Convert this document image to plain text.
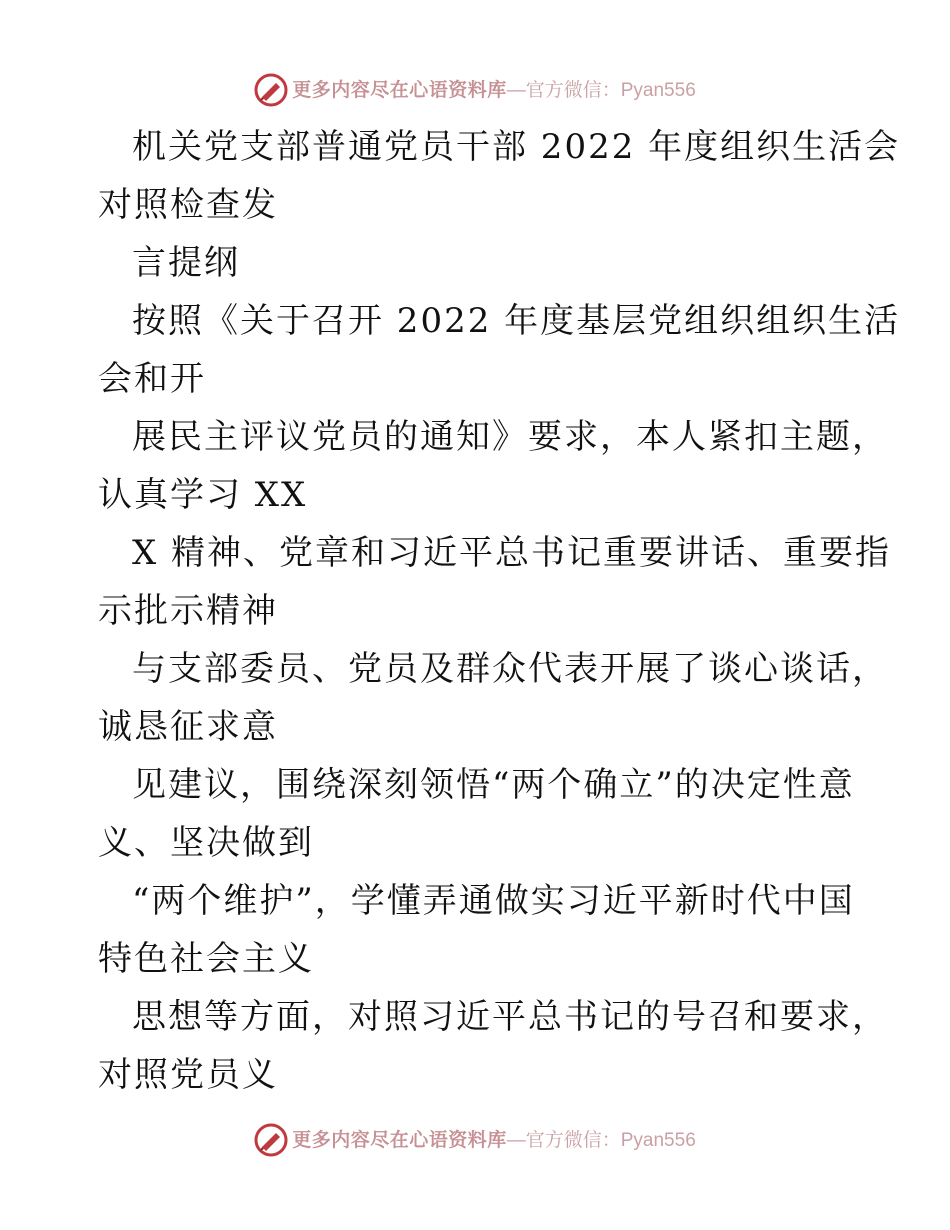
更多内容尽在心语资料库—官方微信：Pyan556
机关党支部普通党员干部 2022 年度组织生活会
对照检查发
言提纲
按照《关于召开 2022 年度基层党组织组织生活
会和开
展民主评议党员的通知》要求，本人紧扣主题，
认真学习 XX
X 精神、党章和习近平总书记重要讲话、重要指
示批示精神
与支部委员、党员及群众代表开展了谈心谈话，
诚恳征求意
见建议，围绕深刻领悟“两个确立”的决定性意
义、坚决做到
“两个维护”，学懂弄通做实习近平新时代中国
特色社会主义
思想等方面，对照习近平总书记的号召和要求，
对照党员义
更多内容尽在心语资料库—官方微信：Pyan556
